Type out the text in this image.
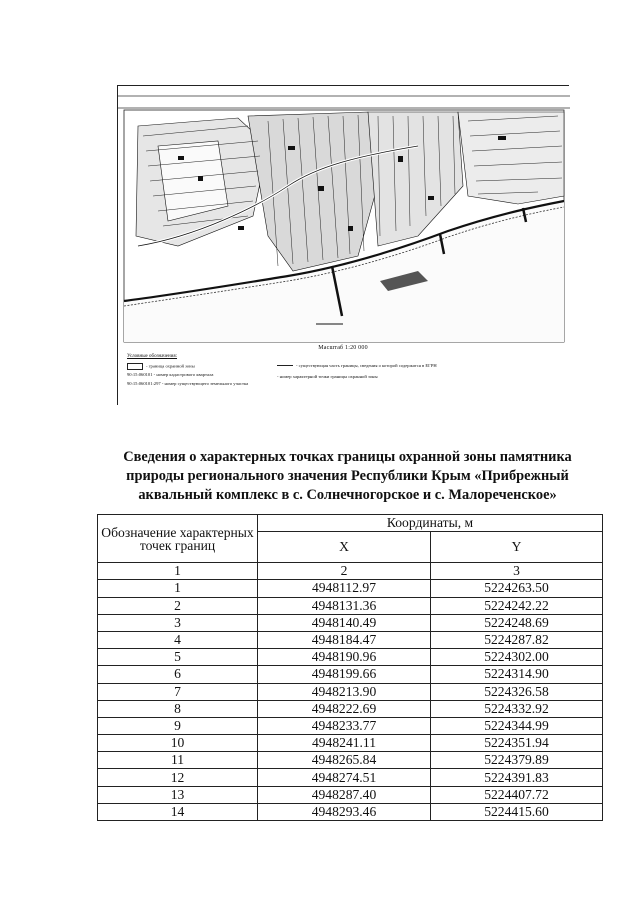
Масштаб 1:20 000
Условные обозначения:
- граница охранной зоны
90:15:060101 - номер кадастрового квартала
90:15:060101:297 - номер существующего земельного участка
- существующая часть границы, сведения о которой содержатся в ЕГРН
- номер характерной точки границы охранной зоны
Сведения о характерных точках границы охранной зоны памятника
природы регионального значения Республики Крым «Прибрежный
аквальный комплекс в с. Солнечногорское и с. Малореченское»
Обозначение характерных точек границ	Координаты, м	
	X	Y
1	2	3
1	4948112.97	5224263.50
2	4948131.36	5224242.22
3	4948140.49	5224248.69
4	4948184.47	5224287.82
5	4948190.96	5224302.00
6	4948199.66	5224314.90
7	4948213.90	5224326.58
8	4948222.69	5224332.92
9	4948233.77	5224344.99
10	4948241.11	5224351.94
11	4948265.84	5224379.89
12	4948274.51	5224391.83
13	4948287.40	5224407.72
14	4948293.46	5224415.60
